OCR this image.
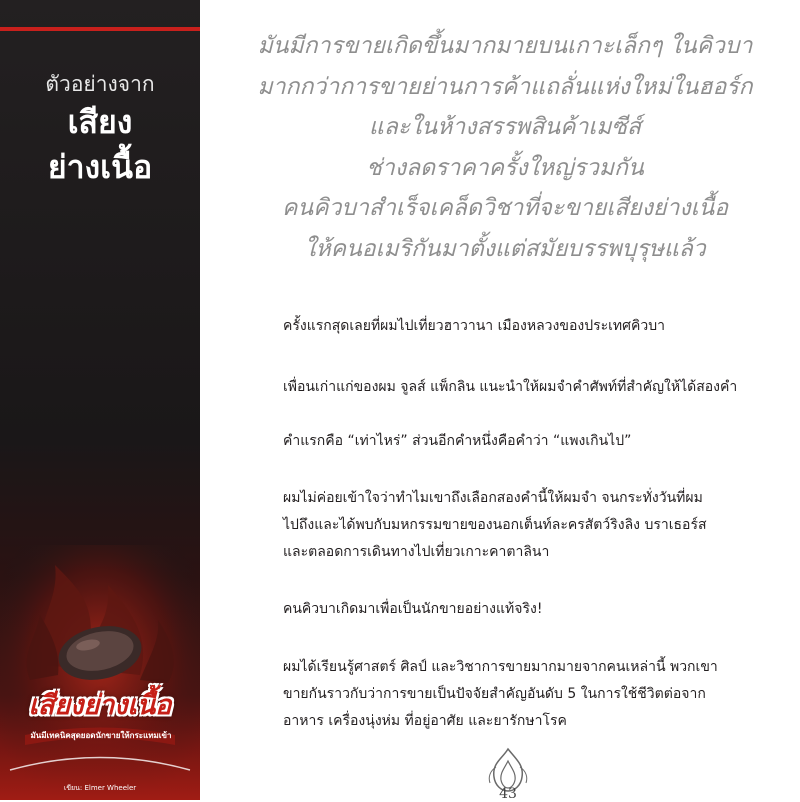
ตัวอย่างจาก
เสียง
ย่างเนื้อ
เสียงย่างเนื้อ
มันมีเทคนิคสุดยอดนักขายให้กระแทมเข้า
เขียน: Elmer Wheeler
มันมีการขายเกิดขึ้นมากมายบนเกาะเล็กๆ ในคิวบา
มากกว่าการขายย่านการค้าแถลั่นแห่งใหม่ในฮอร์ก
และในห้างสรรพสินค้าเมซีส์
ช่างลดราคาครั้งใหญ่รวมกัน
คนคิวบาสำเร็จเคล็ดวิชาที่จะขายเสียงย่างเนื้อ
ให้คนอเมริกันมาตั้งแต่สมัยบรรพบุรุษแล้ว
ครั้งแรกสุดเลยที่ผมไปเที่ยวฮาวานา เมืองหลวงของประเทศคิวบา
เพื่อนเก่าแก่ของผม จูลส์ แพ็กลิน แนะนำให้ผมจำคำศัพท์ที่สำคัญให้ได้สองคำ
คำแรกคือ “เท่าไหร่” ส่วนอีกคำหนึ่งคือคำว่า “แพงเกินไป”
ผมไม่ค่อยเข้าใจว่าทำไมเขาถึงเลือกสองคำนี้ให้ผมจำ จนกระทั่งวันที่ผม
ไปถึงและได้พบกับมหกรรมขายของนอกเต็นท์ละครสัตว์ริงลิง บราเธอร์ส
และตลอดการเดินทางไปเที่ยวเกาะคาตาลินา
คนคิวบาเกิดมาเพื่อเป็นนักขายอย่างแท้จริง!
ผมได้เรียนรู้ศาสตร์ ศิลป์ และวิชาการขายมากมายจากคนเหล่านี้ พวกเขา
ขายกันราวกับว่าการขายเป็นปัจจัยสำคัญอันดับ 5 ในการใช้ชีวิตต่อจาก
อาหาร เครื่องนุ่งห่ม ที่อยู่อาศัย และยารักษาโรค
43
